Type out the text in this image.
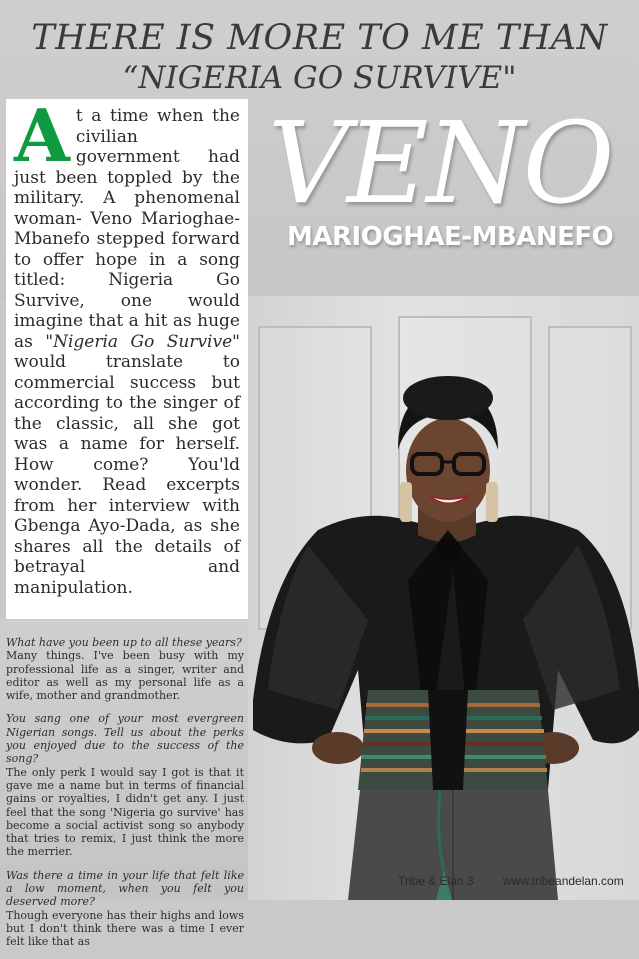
THERE IS MORE TO ME THAN
“NIGERIA GO SURVIVE"
VENO
MARIOGHAE-MBANEFO

At a time when the civilian government had just been toppled by the military. A phenomenal woman- Veno Marioghae-Mbanefo stepped forward to offer hope in a song titled: Nigeria Go Survive, one would imagine that a hit as huge as "Nigeria Go Survive" would translate to commercial success but according to the singer of the classic, all she got was a name for herself. How come? You'ld wonder. Read excerpts from her interview with Gbenga Ayo-Dada, as she shares all the details of betrayal and manipulation.

What have you been up to all these years?

Many things. I've been busy with my professional life as a singer, writer and editor as well as my personal life as a wife, mother and grandmother.

You sang one of your most evergreen Nigerian songs. Tell us about the perks you enjoyed due to the success of the song?

The only perk I would say I got is that it gave me a name but in terms of financial gains or royalties, I didn't get any. I just feel that the song 'Nigeria go survive' has become a social activist song so anybody that tries to remix, I just think the more the merrier.

Was there a time in your life that felt like a low moment, when you felt you deserved more?

Though everyone has their highs and lows but I don't think there was a time I ever felt like that as

Tribe & Elan 3 www.tribeandelan.com
